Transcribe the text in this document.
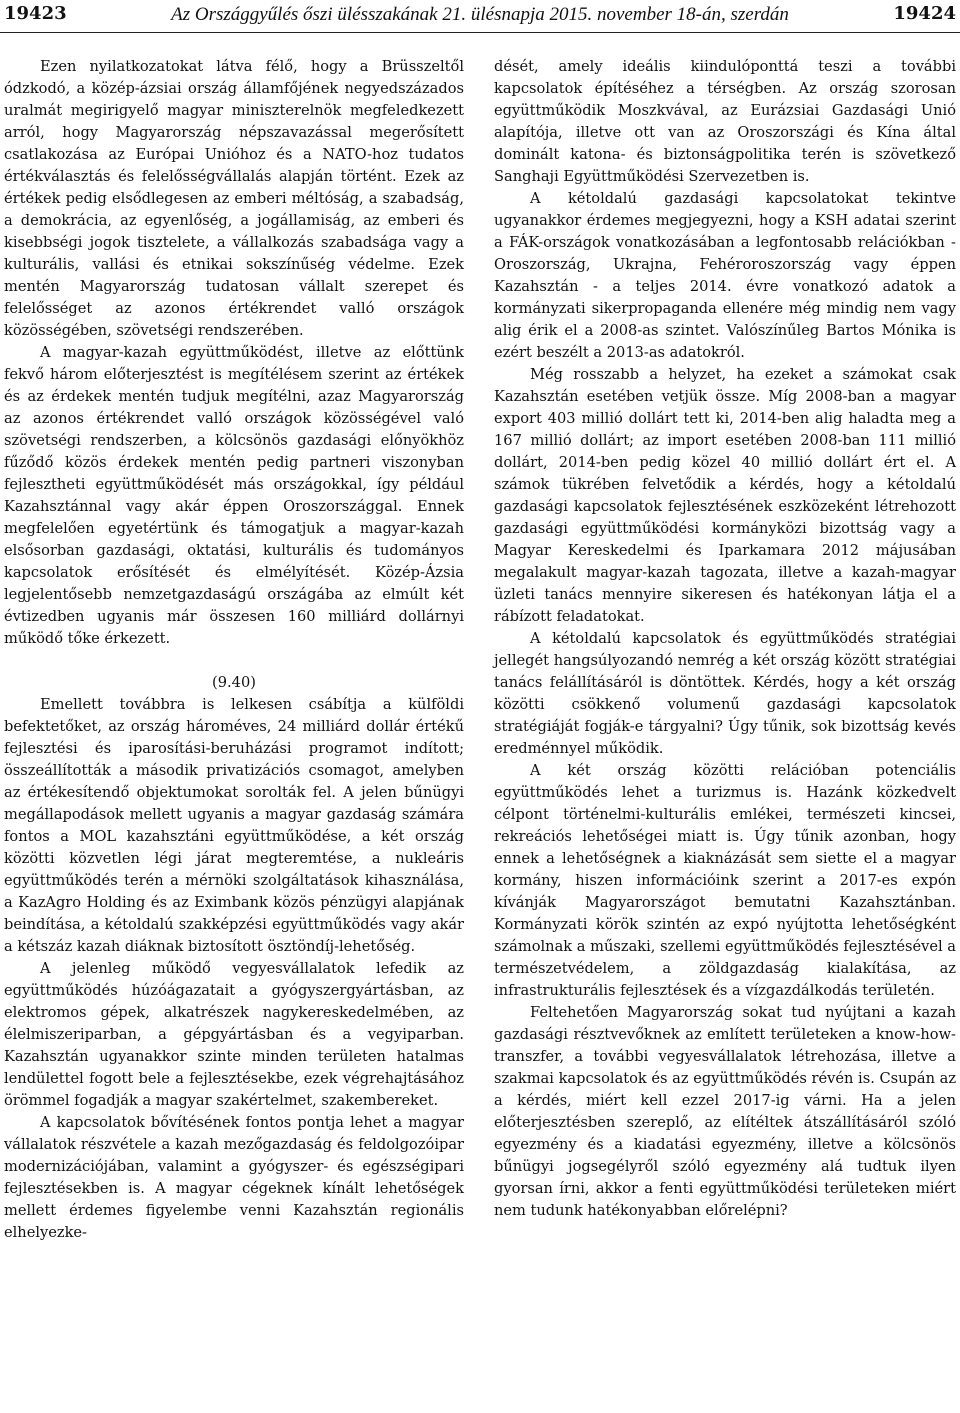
19423	Az Országgyűlés őszi ülésszakának 21. ülésnapja 2015. november 18-án, szerdán	19424

Ezen nyilatkozatokat látva félő, hogy a Brüsszeltől ódzkodó, a közép-ázsiai ország államfőjének negyedszázados uralmát megirigyelő magyar miniszterelnök megfeledkezett arról, hogy Magyarország népszavazással megerősített csatlakozása az Európai Unióhoz és a NATO-hoz tudatos értékválasztás és felelősségvállalás alapján történt. Ezek az értékek pedig elsődlegesen az emberi méltóság, a szabadság, a demokrácia, az egyenlőség, a jogállamiság, az emberi és kisebbségi jogok tisztelete, a vállalkozás szabadsága vagy a kulturális, vallási és etnikai sokszínűség védelme. Ezek mentén Magyarország tudatosan vállalt szerepet és felelősséget az azonos értékrendet valló országok közösségében, szövetségi rendszerében.

A magyar-kazah együttműködést, illetve az előttünk fekvő három előterjesztést is megítélésem szerint az értékek és az érdekek mentén tudjuk megítélni, azaz Magyarország az azonos értékrendet valló országok közösségével való szövetségi rendszerben, a kölcsönös gazdasági előnyökhöz fűződő közös érdekek mentén pedig partneri viszonyban fejlesztheti együttműködését más országokkal, így például Kazahsztánnal vagy akár éppen Oroszországgal. Ennek megfelelően egyetértünk és támogatjuk a magyar-kazah elsősorban gazdasági, oktatási, kulturális és tudományos kapcsolatok erősítését és elmélyítését. Közép-Ázsia legjelentősebb nemzetgazdaságú országába az elmúlt két évtizedben ugyanis már összesen 160 milliárd dollárnyi működő tőke érkezett.

(9.40)

Emellett továbbra is lelkesen csábítja a külföldi befektetőket, az ország hároméves, 24 milliárd dollár értékű fejlesztési és iparosítási-beruházási programot indított; összeállították a második privatizációs csomagot, amelyben az értékesítendő objektumokat sorolták fel. A jelen bűnügyi megállapodások mellett ugyanis a magyar gazdaság számára fontos a MOL kazahsztáni együttműködése, a két ország közötti közvetlen légi járat megteremtése, a nukleáris együttműködés terén a mérnöki szolgáltatások kihasználása, a KazAgro Holding és az Eximbank közös pénzügyi alapjának beindítása, a kétoldalú szakképzési együttműködés vagy akár a kétszáz kazah diáknak biztosított ösztöndíj-lehetőség.

A jelenleg működő vegyesvállalatok lefedik az együttműködés húzóágazatait a gyógyszergyártásban, az elektromos gépek, alkatrészek nagykereskedelmében, az élelmiszeriparban, a gépgyártásban és a vegyiparban. Kazahsztán ugyanakkor szinte minden területen hatalmas lendülettel fogott bele a fejlesztésekbe, ezek végrehajtásához örömmel fogadják a magyar szakértelmet, szakembereket.

A kapcsolatok bővítésének fontos pontja lehet a magyar vállalatok részvétele a kazah mezőgazdaság és feldolgozóipar modernizációjában, valamint a gyógyszer- és egészségipari fejlesztésekben is. A magyar cégeknek kínált lehetőségek mellett érdemes figyelembe venni Kazahsztán regionális elhelyezke-

dését, amely ideális kiindulóponttá teszi a további kapcsolatok építéséhez a térségben. Az ország szorosan együttműködik Moszkvával, az Eurázsiai Gazdasági Unió alapítója, illetve ott van az Oroszországi és Kína által dominált katona- és biztonságpolitika terén is szövetkező Sanghaji Együttműködési Szervezetben is.

A kétoldalú gazdasági kapcsolatokat tekintve ugyanakkor érdemes megjegyezni, hogy a KSH adatai szerint a FÁK-országok vonatkozásában a legfontosabb relációkban - Oroszország, Ukrajna, Fehéroroszország vagy éppen Kazahsztán - a teljes 2014. évre vonatkozó adatok a kormányzati sikerpropaganda ellenére még mindig nem vagy alig érik el a 2008-as szintet. Valószínűleg Bartos Mónika is ezért beszélt a 2013-as adatokról.

Még rosszabb a helyzet, ha ezeket a számokat csak Kazahsztán esetében vetjük össze. Míg 2008-ban a magyar export 403 millió dollárt tett ki, 2014-ben alig haladta meg a 167 millió dollárt; az import esetében 2008-ban 111 millió dollárt, 2014-ben pedig közel 40 millió dollárt ért el. A számok tükrében felvetődik a kérdés, hogy a kétoldalú gazdasági kapcsolatok fejlesztésének eszközeként létrehozott gazdasági együttműködési kormányközi bizottság vagy a Magyar Kereskedelmi és Iparkamara 2012 májusában megalakult magyar-kazah tagozata, illetve a kazah-magyar üzleti tanács mennyire sikeresen és hatékonyan látja el a rábízott feladatokat.

A kétoldalú kapcsolatok és együttműködés stratégiai jellegét hangsúlyozandó nemrég a két ország között stratégiai tanács felállításáról is döntöttek. Kérdés, hogy a két ország közötti csökkenő volumenű gazdasági kapcsolatok stratégiáját fogják-e tárgyalni? Úgy tűnik, sok bizottság kevés eredménnyel működik.

A két ország közötti relációban potenciális együttműködés lehet a turizmus is. Hazánk közkedvelt célpont történelmi-kulturális emlékei, természeti kincsei, rekreációs lehetőségei miatt is. Úgy tűnik azonban, hogy ennek a lehetőségnek a kiaknázását sem siette el a magyar kormány, hiszen információink szerint a 2017-es expón kívánják Magyarországot bemutatni Kazahsztánban. Kormányzati körök szintén az expó nyújtotta lehetőségként számolnak a műszaki, szellemi együttműködés fejlesztésével a természetvédelem, a zöldgazdaság kialakítása, az infrastrukturális fejlesztések és a vízgazdálkodás területén.

Feltehetően Magyarország sokat tud nyújtani a kazah gazdasági résztvevőknek az említett területeken a know-how-transzfer, a további vegyesvállalatok létrehozása, illetve a szakmai kapcsolatok és az együttműködés révén is. Csupán az a kérdés, miért kell ezzel 2017-ig várni. Ha a jelen előterjesztésben szereplő, az elítéltek átszállításáról szóló egyezmény és a kiadatási egyezmény, illetve a kölcsönös bűnügyi jogsegélyről szóló egyezmény alá tudtuk ilyen gyorsan írni, akkor a fenti együttműködési területeken miért nem tudunk hatékonyabban előrelépni?
